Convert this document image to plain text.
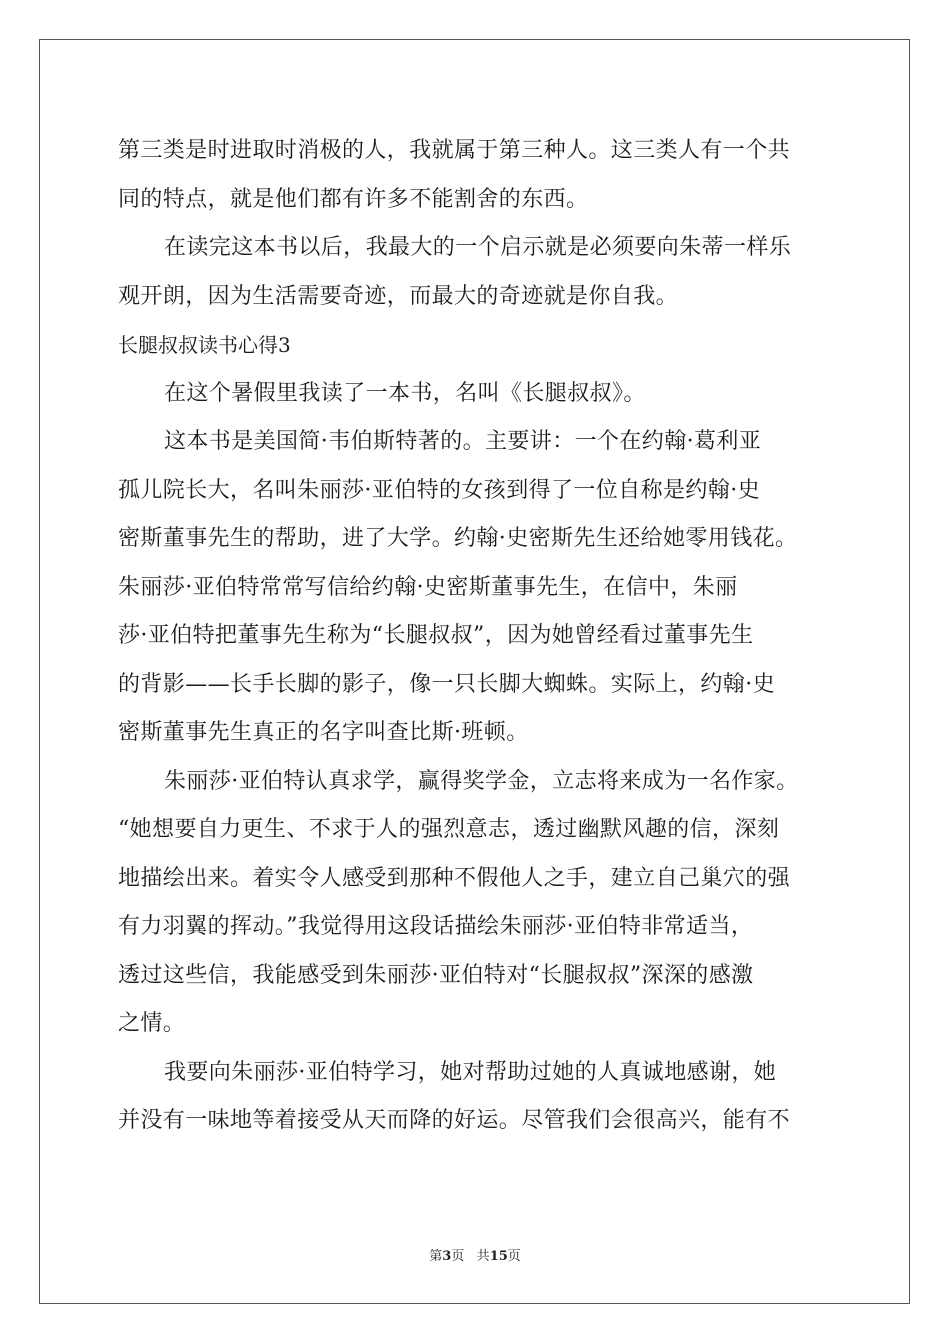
第三类是时进取时消极的人，我就属于第三种人。这三类人有一个共
同的特点，就是他们都有许多不能割舍的东西。
在读完这本书以后，我最大的一个启示就是必须要向朱蒂一样乐
观开朗，因为生活需要奇迹，而最大的奇迹就是你自我。
长腿叔叔读书心得3
在这个暑假里我读了一本书，名叫《长腿叔叔》。
这本书是美国简·韦伯斯特著的。主要讲：一个在约翰·葛利亚
孤儿院长大，名叫朱丽莎·亚伯特的女孩到得了一位自称是约翰·史
密斯董事先生的帮助，进了大学。约翰·史密斯先生还给她零用钱花。
朱丽莎·亚伯特常常写信给约翰·史密斯董事先生，在信中，朱丽
莎·亚伯特把董事先生称为“长腿叔叔”，因为她曾经看过董事先生
的背影——长手长脚的影子，像一只长脚大蜘蛛。实际上，约翰·史
密斯董事先生真正的名字叫查比斯·班顿。
朱丽莎·亚伯特认真求学，赢得奖学金，立志将来成为一名作家。
“她想要自力更生、不求于人的强烈意志，透过幽默风趣的信，深刻
地描绘出来。着实令人感受到那种不假他人之手，建立自己巢穴的强
有力羽翼的挥动。”我觉得用这段话描绘朱丽莎·亚伯特非常适当，
透过这些信，我能感受到朱丽莎·亚伯特对“长腿叔叔”深深的感激
之情。
我要向朱丽莎·亚伯特学习，她对帮助过她的人真诚地感谢，她
并没有一味地等着接受从天而降的好运。尽管我们会很高兴，能有不
第3页 共15页
